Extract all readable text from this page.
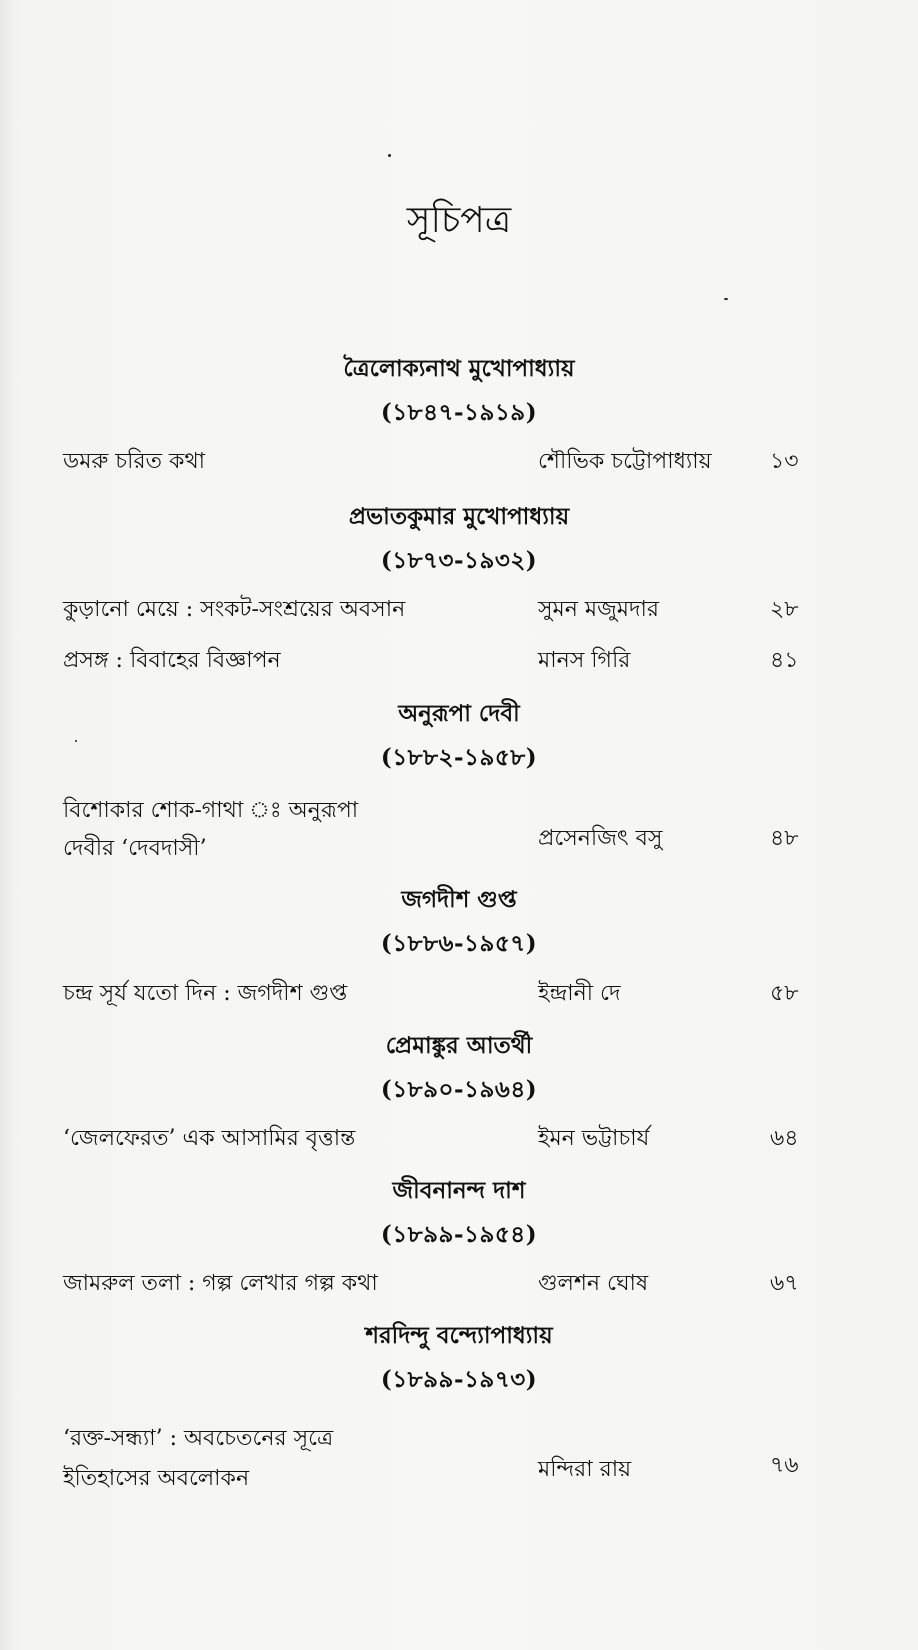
সূচিপত্র
ত্রৈলোক্যনাথ মুখোপাধ্যায়
(১৮৪৭-১৯১৯)
ডমরু চরিত কথা	শৌভিক চট্টোপাধ্যায়	১৩
প্রভাতকুমার মুখোপাধ্যায়
(১৮৭৩-১৯৩২)
কুড়ানো মেয়ে : সংকট-সংশ্রয়ের অবসান	সুমন মজুমদার	২৮
প্রসঙ্গ : বিবাহের বিজ্ঞাপন	মানস গিরি	৪১
অনুরূপা দেবী
(১৮৮২-১৯৫৮)
বিশোকার শোক-গাথা ঃ অনুরূপা
দেবীর ‘দেবদাসী’	প্রসেনজিৎ বসু	৪৮
জগদীশ গুপ্ত
(১৮৮৬-১৯৫৭)
চন্দ্র সূর্য যতো দিন : জগদীশ গুপ্ত	ইন্দ্রানী দে	৫৮
প্রেমাঙ্কুর আতর্থী
(১৮৯০-১৯৬৪)
‘জেলফেরত’ এক আসামির বৃত্তান্ত	ইমন ভট্টাচার্য	৬৪
জীবনানন্দ দাশ
(১৮৯৯-১৯৫৪)
জামরুল তলা : গল্প লেখার গল্প কথা	গুলশন ঘোষ	৬৭
শরদিন্দু বন্দ্যোপাধ্যায়
(১৮৯৯-১৯৭৩)
‘রক্ত-সন্ধ্যা’ : অবচেতনের সূত্রে
ইতিহাসের অবলোকন	মন্দিরা রায়	৭৬
